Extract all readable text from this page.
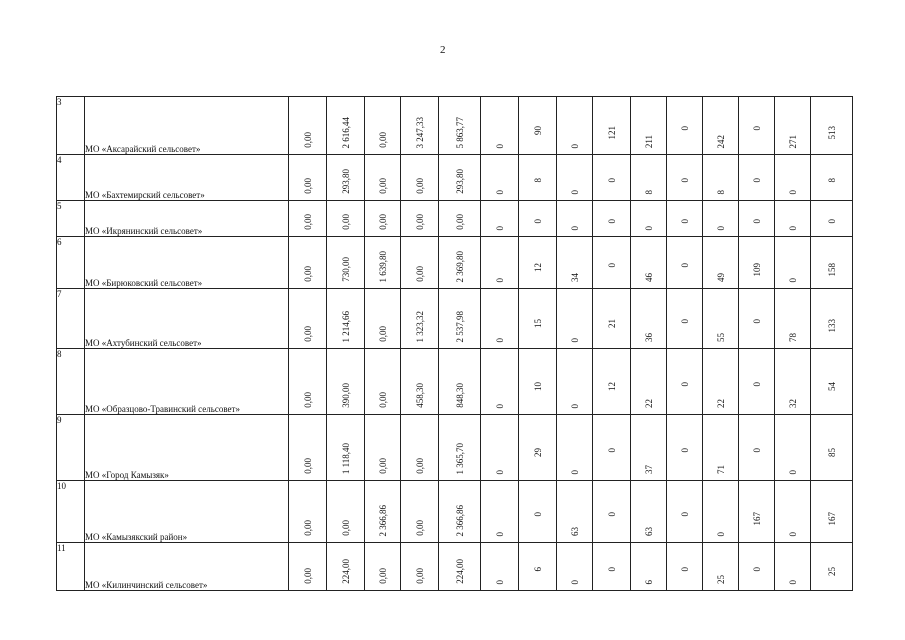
2
3	МО «Аксарайский сельсовет»	0,00	2 616,44	0,00	3 247,33	5 863,77	0	90	0	121	211	0	242	0	271	513

4	МО «Бахтемирский сельсовет»	0,00	293,80	0,00	0,00	293,80	0	8	0	0	8	0	8	0	0	8

5	МО «Икрянинский сельсовет»	0,00	0,00	0,00	0,00	0,00	0	0	0	0	0	0	0	0	0	0

6	МО «Бирюковский сельсовет»	0,00	730,00	1 639,80	0,00	2 369,80	0	12	34	0	46	0	49	109	0	158

7	МО «Ахтубинский сельсовет»	0,00	1 214,66	0,00	1 323,32	2 537,98	0	15	0	21	36	0	55	0	78	133

8	МО «Образцово-Травинский сельсовет»	0,00	390,00	0,00	458,30	848,30	0	10	0	12	22	0	22	0	32	54

9	МО «Город Камызяк»	0,00	1 118,40	0,00	0,00	1 365,70	0	29	0	0	37	0	71	0	0	85

10	МО «Камызякский район»	0,00	0,00	2 366,86	0,00	2 366,86	0	0	63	0	63	0	0	167	0	167

11	МО «Килинчинский сельсовет»	0,00	224,00	0,00	0,00	224,00	0	6	0	0	6	0	25	0	0	25
